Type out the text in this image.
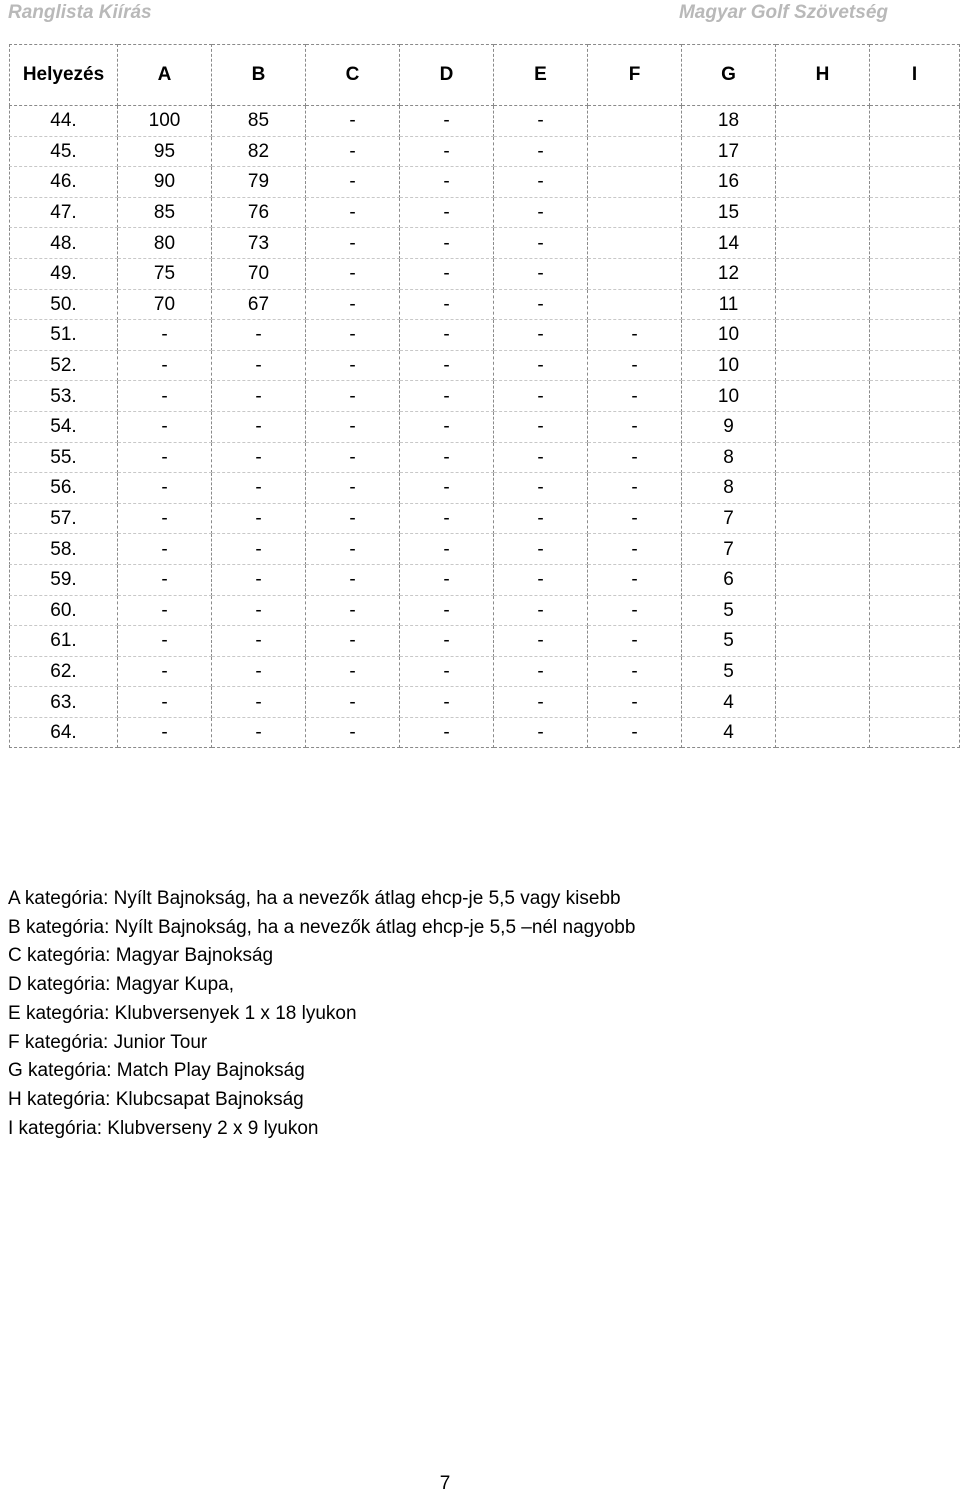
Ranglista Kiírás	Magyar Golf Szövetség
Helyezés	A	B	C	D	E	F	G	H	I
44.	100	85	-	-	-		18		
45.	95	82	-	-	-		17		
46.	90	79	-	-	-		16		
47.	85	76	-	-	-		15		
48.	80	73	-	-	-		14		
49.	75	70	-	-	-		12		
50.	70	67	-	-	-		11		
51.	-	-	-	-	-	-	10		
52.	-	-	-	-	-	-	10		
53.	-	-	-	-	-	-	10		
54.	-	-	-	-	-	-	9		
55.	-	-	-	-	-	-	8		
56.	-	-	-	-	-	-	8		
57.	-	-	-	-	-	-	7		
58.	-	-	-	-	-	-	7		
59.	-	-	-	-	-	-	6		
60.	-	-	-	-	-	-	5		
61.	-	-	-	-	-	-	5		
62.	-	-	-	-	-	-	5		
63.	-	-	-	-	-	-	4		
64.	-	-	-	-	-	-	4		
A kategória: Nyílt Bajnokság, ha a nevezők átlag ehcp-je 5,5 vagy kisebb
B kategória: Nyílt Bajnokság, ha a nevezők átlag ehcp-je 5,5 –nél nagyobb
C kategória: Magyar Bajnokság
D kategória: Magyar Kupa,
E kategória: Klubversenyek 1 x 18 lyukon
F kategória: Junior Tour
G kategória: Match Play Bajnokság
H kategória: Klubcsapat Bajnokság
I kategória: Klubverseny 2 x 9 lyukon
7
